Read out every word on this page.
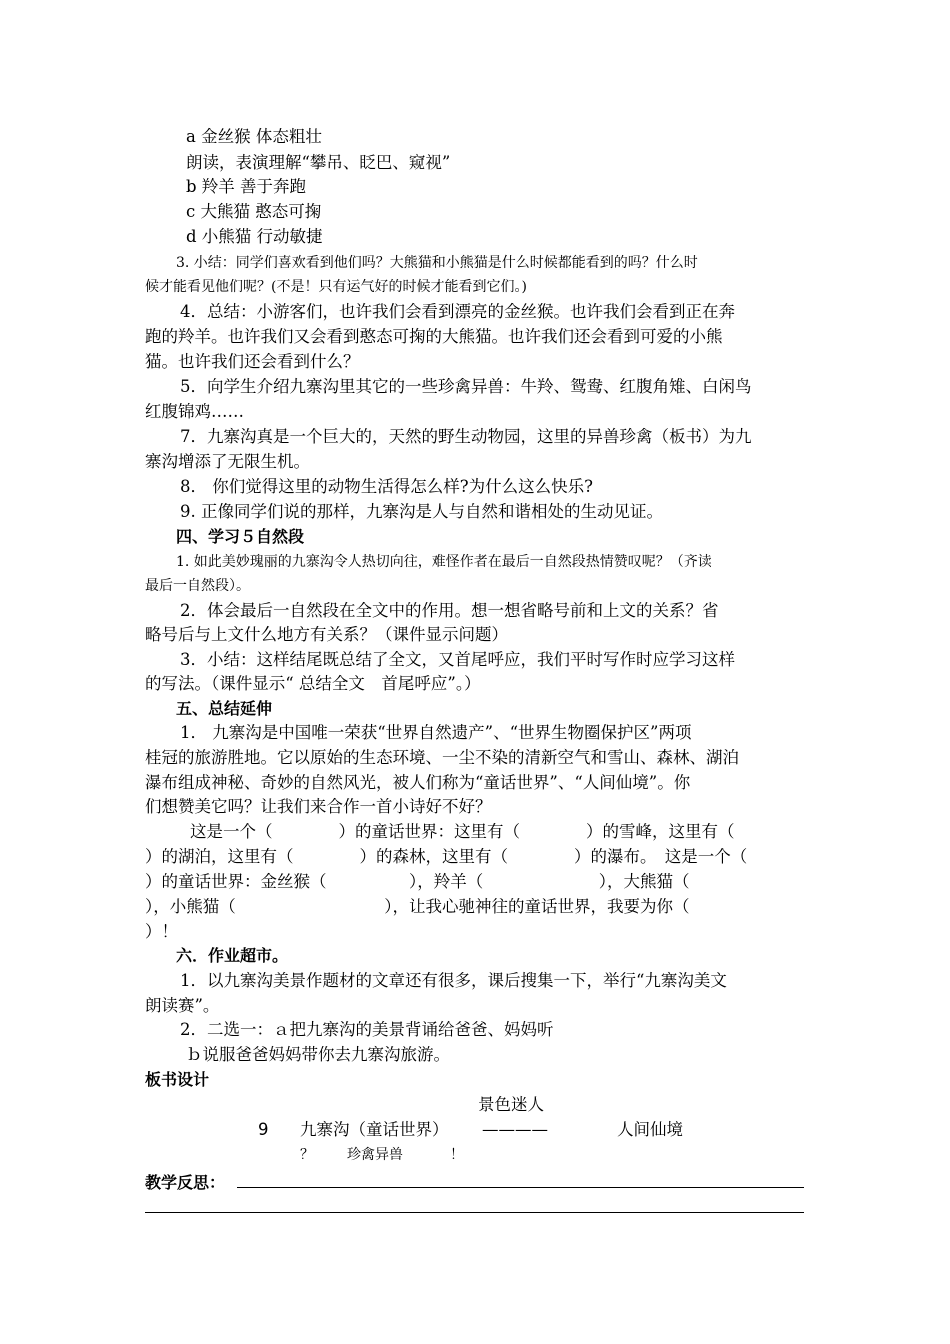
a 金丝猴 体态粗壮
朗读，表演理解“攀吊、眨巴、窥视”
b 羚羊 善于奔跑
c 大熊猫 憨态可掬
d 小熊猫 行动敏捷
3. 小结：同学们喜欢看到他们吗？大熊猫和小熊猫是什么时候都能看到的吗？什么时
候才能看见他们呢？(不是！只有运气好的时候才能看到它们。)
4．总结：小游客们，也许我们会看到漂亮的金丝猴。也许我们会看到正在奔
跑的羚羊。也许我们又会看到憨态可掬的大熊猫。也许我们还会看到可爱的小熊
猫。也许我们还会看到什么？
5．向学生介绍九寨沟里其它的一些珍禽异兽：牛羚、鸳鸯、红腹角雉、白闲鸟
红腹锦鸡……
7．九寨沟真是一个巨大的，天然的野生动物园，这里的异兽珍禽（板书）为九
寨沟增添了无限生机。
8． 你们觉得这里的动物生活得怎么样?为什么这么快乐?
9. 正像同学们说的那样，九寨沟是人与自然和谐相处的生动见证。
四、学习５自然段
1. 如此美妙瑰丽的九寨沟令人热切向往，难怪作者在最后一自然段热情赞叹呢？（齐读
最后一自然段）。
2．体会最后一自然段在全文中的作用。想一想省略号前和上文的关系？省
略号后与上文什么地方有关系？（课件显示问题）
3．小结：这样结尾既总结了全文，又首尾呼应，我们平时写作时应学习这样
的写法。（课件显示“ 总结全文　首尾呼应”。）
五、总结延伸
1． 九寨沟是中国唯一荣获“世界自然遗产”、“世界生物圈保护区”两项
桂冠的旅游胜地。它以原始的生态环境、一尘不染的清新空气和雪山、森林、湖泊
瀑布组成神秘、奇妙的自然风光，被人们称为“童话世界”、“人间仙境”。你
们想赞美它吗？让我们来合作一首小诗好不好？
这是一个（　　　　）的童话世界：这里有（　　　　）的雪峰，这里有（
）的湖泊，这里有（　　　　）的森林，这里有（　　　　）的瀑布。　这是一个（
）的童话世界：金丝猴（　　　　　），羚羊（　　　　　　　），大熊猫（
），小熊猫（　　　　　　　　　），让我心驰神往的童话世界，我要为你（
）！
六．作业超市。
1．以九寨沟美景作题材的文章还有很多，课后搜集一下，举行“九寨沟美文
朗读赛”。
2．二选一：ａ把九寨沟的美景背诵给爸爸、妈妈听
ｂ说服爸爸妈妈带你去九寨沟旅游。
板书设计
景色迷人
9 九寨沟（童话世界） ————	人间仙境
？ 珍禽异兽	！
教学反思：
